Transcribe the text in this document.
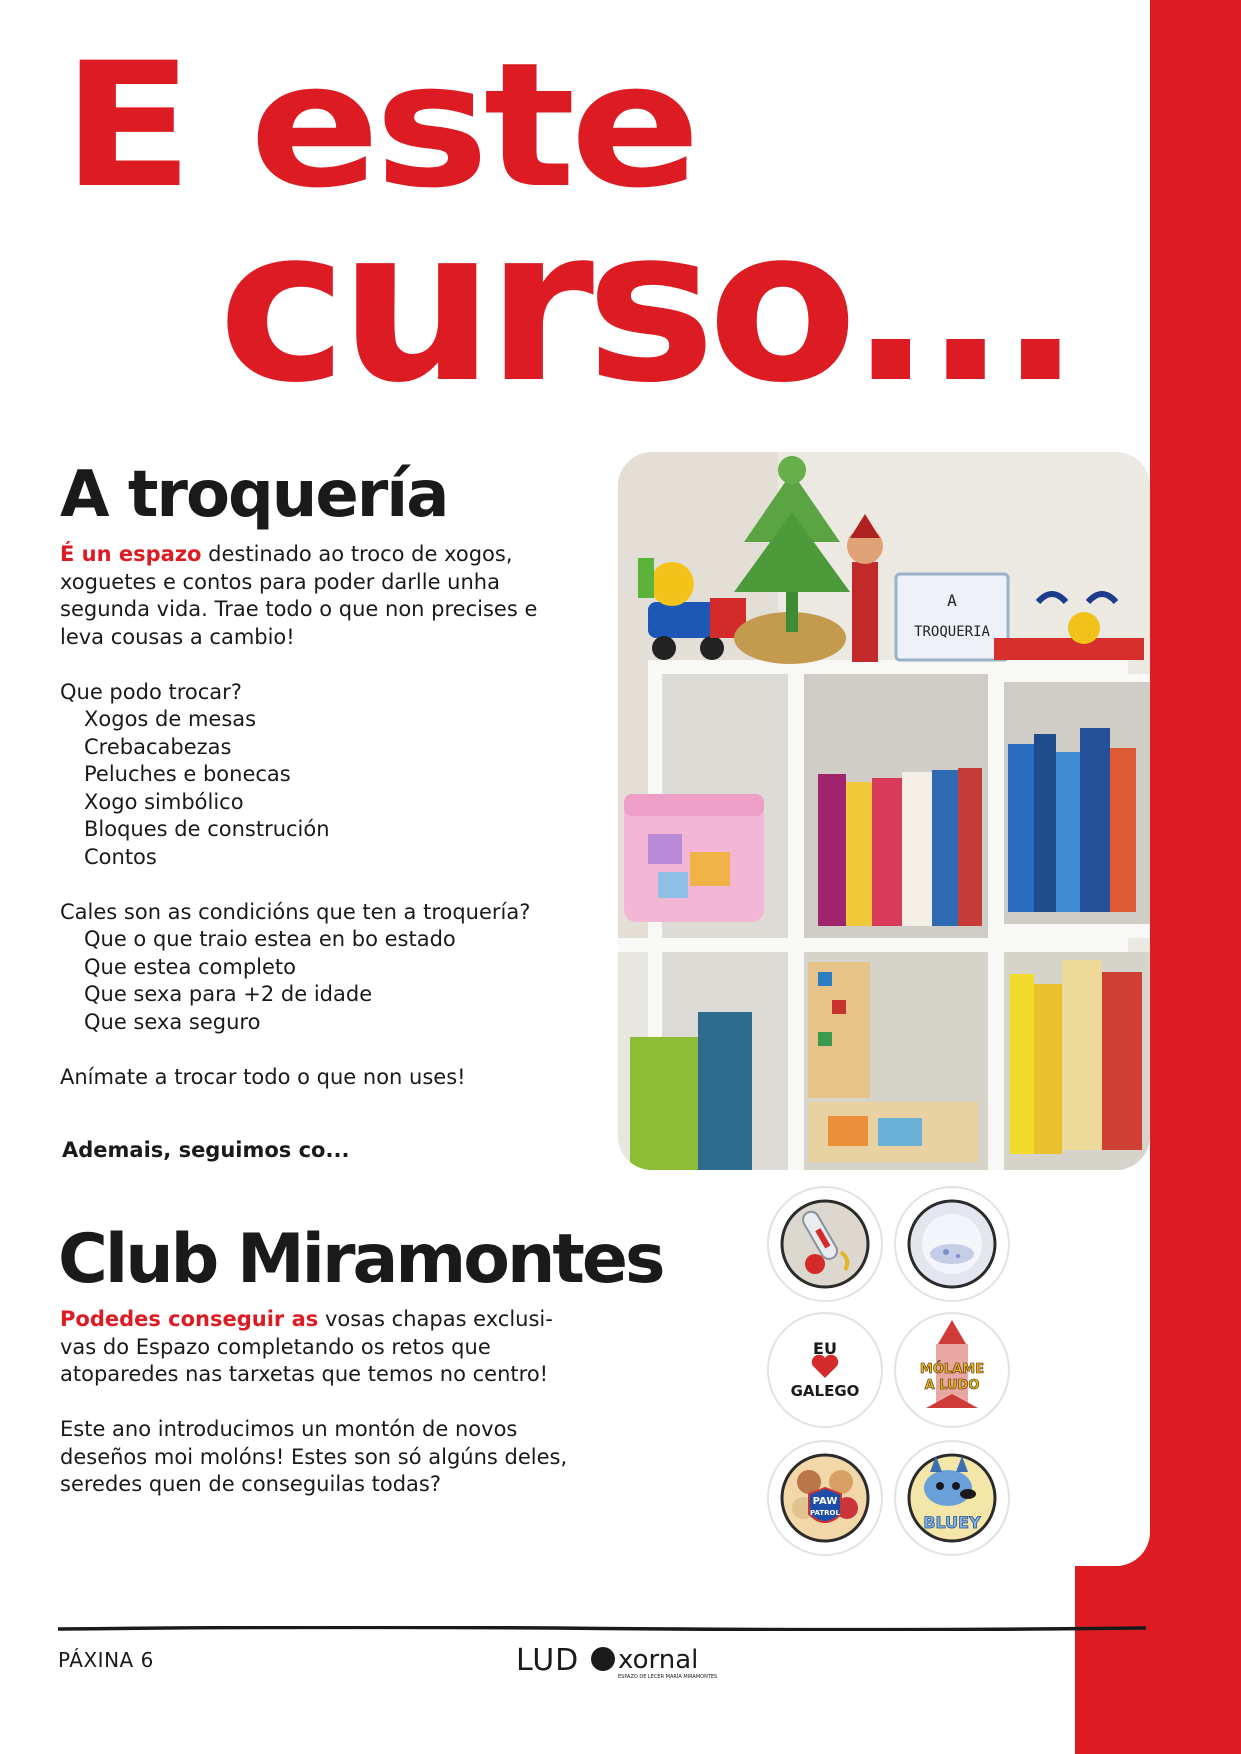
E este
curso...
A troquería

É un espazo destinado ao troco de xogos, xoguetes e contos para poder darlle unha segunda vida. Trae todo o que non precises e leva cousas a cambio!

Que podo trocar?

Xogos de mesas

Crebacabezas

Peluches e bonecas

Xogo simbólico

Bloques de construción

Contos

Cales son as condicións que ten a troquería?

Que o que traio estea en bo estado

Que estea completo

Que sexa para +2 de idade

Que sexa seguro

Anímate a trocar todo o que non uses!

Ademais, seguimos co...
A
TROQUERIA
Club Miramontes

Podedes conseguir as vosas chapas exclusi-vas do Espazo completando os retos que atoparedes nas tarxetas que temos no centro!

Este ano introducimos un montón de novos deseños moi molóns! Estes son só algúns deles, seredes quen de conseguilas todas?

EU
GALEGO
MÓLAME
A LUDO
PAW
PATROL	BLUEY
PÁXINA 6	LUD xornal
ESPAZO DE LECER MARÍA MIRAMONTES
